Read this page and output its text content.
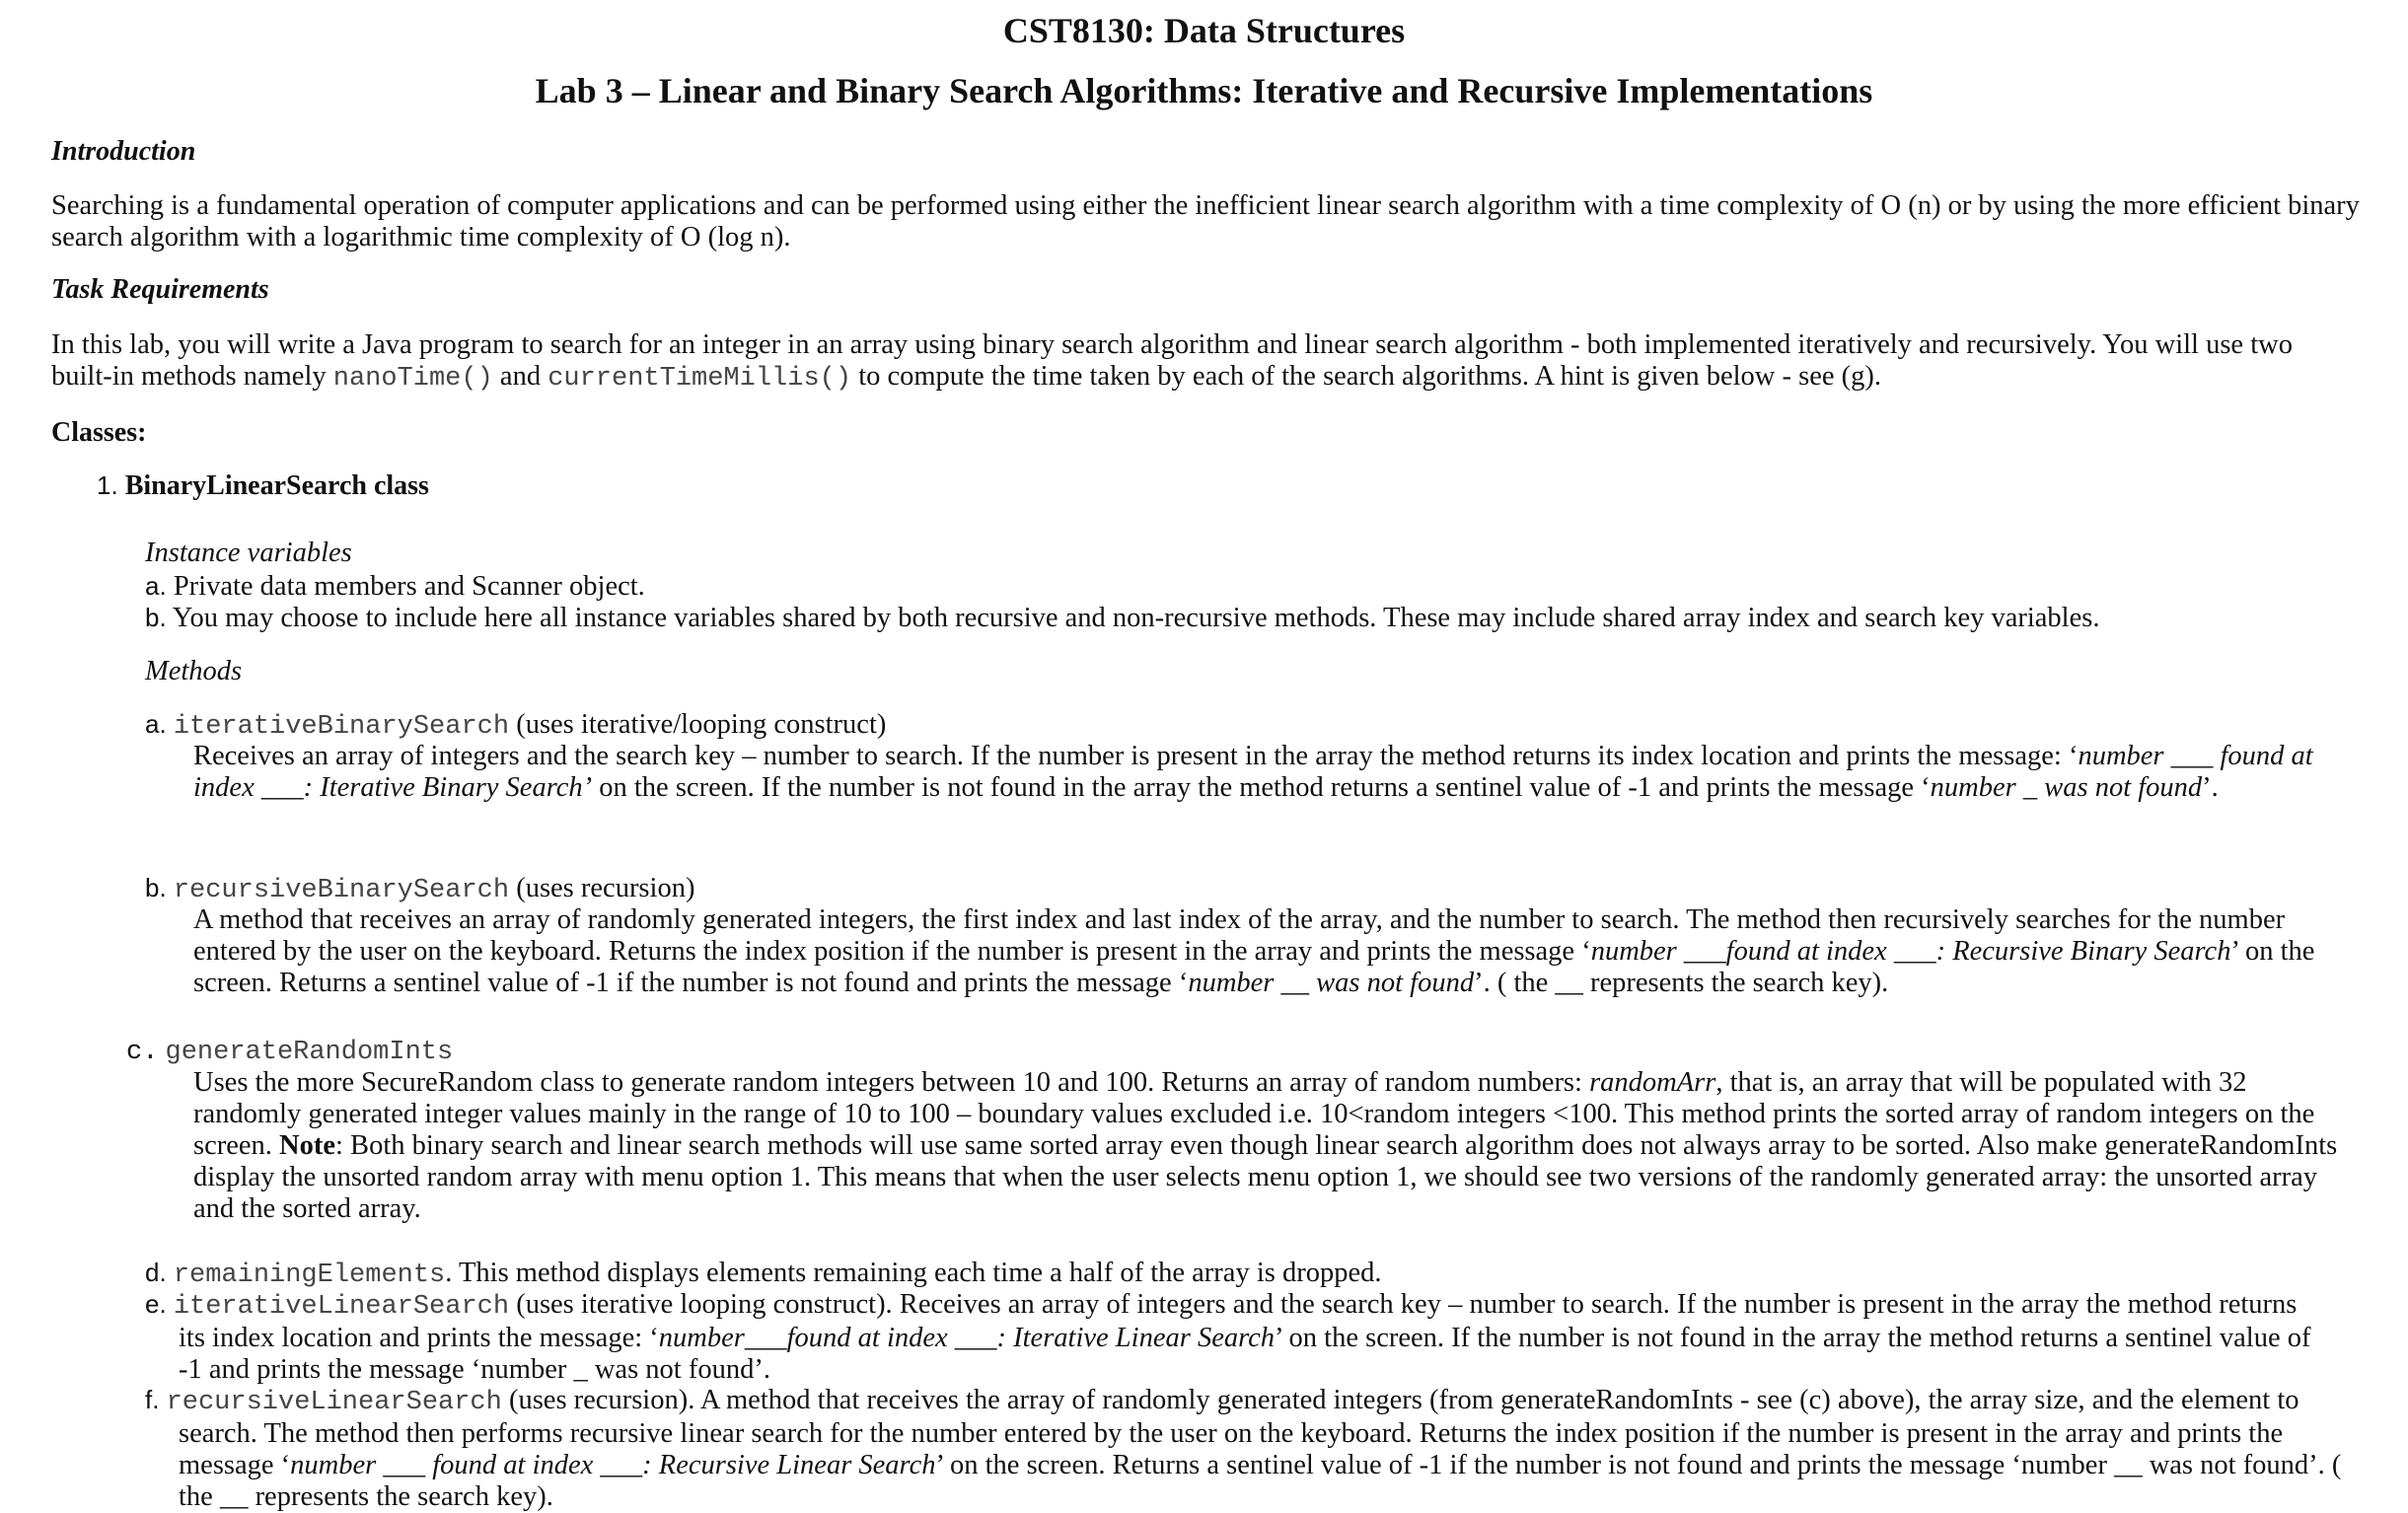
CST8130: Data Structures
Lab 3 – Linear and Binary Search Algorithms: Iterative and Recursive Implementations
Introduction

Searching is a fundamental operation of computer applications and can be performed using either the inefficient linear search algorithm with a time complexity of O (n) or by using the more efficient binary search algorithm with a logarithmic time complexity of O (log n).

Task Requirements

In this lab, you will write a Java program to search for an integer in an array using binary search algorithm and linear search algorithm - both implemented iteratively and recursively. You will use two built-in methods namely nanoTime() and currentTimeMillis() to compute the time taken by each of the search algorithms. A hint is given below - see (g).

Classes:
1. BinaryLinearSearch class
Instance variables
a. Private data members and Scanner object.
b. You may choose to include here all instance variables shared by both recursive and non-recursive methods. These may include shared array index and search key variables.
Methods
a. iterativeBinarySearch (uses iterative/looping construct)

Receives an array of integers and the search key – number to search. If the number is present in the array the method returns its index location and prints the message: ‘number ___ found at index ___: Iterative Binary Search’ on the screen. If the number is not found in the array the method returns a sentinel value of -1 and prints the message ‘number _ was not found’.

b. recursiveBinarySearch (uses recursion)

A method that receives an array of randomly generated integers, the first index and last index of the array, and the number to search. The method then recursively searches for the number entered by the user on the keyboard. Returns the index position if the number is present in the array and prints the message ‘number ___found at index ___: Recursive Binary Search’ on the screen. Returns a sentinel value of -1 if the number is not found and prints the message ‘number __ was not found’. ( the __ represents the search key).

c. generateRandomInts

Uses the more SecureRandom class to generate random integers between 10 and 100. Returns an array of random numbers: randomArr, that is, an array that will be populated with 32 randomly generated integer values mainly in the range of 10 to 100 – boundary values excluded i.e. 10<random integers <100. This method prints the sorted array of random integers on the screen. Note: Both binary search and linear search methods will use same sorted array even though linear search algorithm does not always array to be sorted. Also make generateRandomInts display the unsorted random array with menu option 1. This means that when the user selects menu option 1, we should see two versions of the randomly generated array: the unsorted array and the sorted array.

d. remainingElements. This method displays elements remaining each time a half of the array is dropped.
e. iterativeLinearSearch (uses iterative looping construct). Receives an array of integers and the search key – number to search. If the number is present in the array the method returns its index location and prints the message: ‘number___found at index ___: Iterative Linear Search’ on the screen. If the number is not found in the array the method returns a sentinel value of -1 and prints the message ‘number _ was not found’.
f. recursiveLinearSearch (uses recursion). A method that receives the array of randomly generated integers (from generateRandomInts - see (c) above), the array size, and the element to search. The method then performs recursive linear search for the number entered by the user on the keyboard. Returns the index position if the number is present in the array and prints the message ‘number ___ found at index ___: Recursive Linear Search’ on the screen. Returns a sentinel value of -1 if the number is not found and prints the message ‘number __ was not found’. ( the __ represents the search key).
